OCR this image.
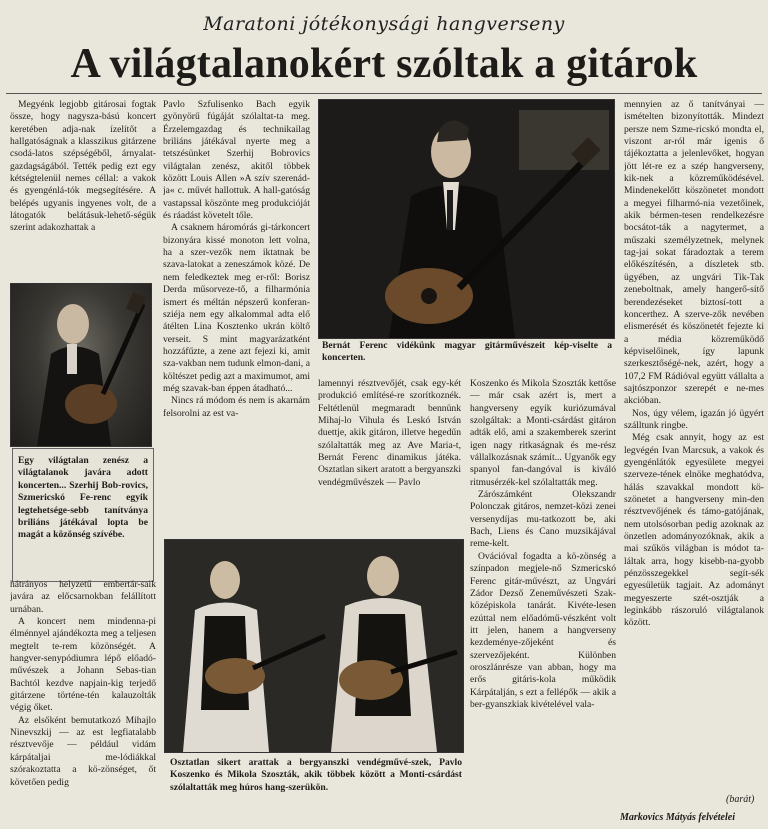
Maratoni jótékonysági hangverseny
A világtalanokért szóltak a gitárok

Megyénk legjobb gitárosai fogtak össze, hogy nagysza-bású koncert keretében adja-nak ízelítőt a hallgatóságnak a klasszikus gitárzene csodá-latos szépségéből, árnyalat-gazdagságából. Tették pedig ezt egy kétségtelenül nemes céllal: a vakok és gyengénlá-tók megsegítésére. A belépés ugyanis ingyenes volt, de a látogatók belátásuk-lehető-ségük szerint adakozhattak a

Egy világtalan zenész a világtalanok javára adott koncerten... Szerhij Bob-rovics, Szmericskó Fe-renc egyik legtehetsége-sebb tanítványa briliáns játékával lopta be magát a közönség szívébe.

hátrányos helyzetű embertár-saik javára az előcsarnokban felállított urnában.

A koncert nem mindenna-pi élménnyel ajándékozta meg a teljesen megtelt te-rem közönségét. A hangver-senypódiumra lépő előadó-művészek a Johann Sebas-tian Bachtól kezdve napjain-kig terjedő gitárzene történe-tén kalauzolták végig őket.

Az elsőként bemutatkozó Mihajlo Ninevszkij — az est legfiatalabb résztvevője — például vidám kárpátaljai me-lódiákkal szórakoztatta a kö-zönséget, őt követően pedig

Pavlo Szfulisenko Bach egyik gyönyörű fúgáját szólaltat-ta meg. Érzelemgazdag és technikailag briliáns játékával nyerte meg a tetszésünket Szerhij Bobrovics világtalan zenész, akitől többek között Louis Allen »A szív szerenád-ja« c. művét hallottuk. A hall-gatóság vastapssal köszönte meg produkcióját és ráadást követelt tőle.

A csaknem háromórás gi-tárkoncert bizonyára kissé monoton lett volna, ha a szer-vezők nem iktatnak be szava-latokat a zeneszámok közé. De nem feledkeztek meg er-ről: Borisz Derda műsorveze-tő, a filharmónia ismert és méltán népszerű konferan-sziéja nem egy alkalommal adta elő átélten Lina Kosztenko ukrán költő verseit. S mint magyarázatként hozzáfűzte, a zene azt fejezi ki, amit sza-vakban nem tudunk elmon-dani, a költészet pedig azt a maximumot, ami még szavak-ban éppen átadható...

Nincs rá módom és nem is akarnám felsorolni az est va-

Bernát Ferenc vidékünk magyar gitárművészeit kép-viselte a koncerten.

lamennyi résztvevőjét, csak egy-két produkció említésé-re szorítkoznék. Feltétlenül megmaradt bennünk Mihaj-lo Vihula és Leskó István duettje, akik gitáron, illetve hegedűn szólaltatták meg az Ave Maria-t, Bernát Ferenc dinamikus játéka. Osztatlan sikert aratott a bergyanszki vendégművészek — Pavlo

Koszenko és Mikola Szoszták kettőse — már csak azért is, mert a hangverseny egyik kuriózumával szolgáltak: a Monti-csárdást gitáron adták elő, ami a szakemberek szerint igen nagy ritkaságnak és me-rész vállalkozásnak számít... Ugyanők egy spanyol fan-dangóval is kiváló ritmusérzék-kel szólaltatták meg.

Zárószámként Olekszandr Polonczak gitáros, nemzet-közi zenei versenydíjas mu-tatkozott be, aki Bach, Liens és Cano muzsikájával reme-kelt.

Ovációval fogadta a kö-zönség a színpadon megjele-nő Szmericskó Ferenc gitár-művészt, az Ungvári Zádor Dezső Zeneművészeti Szak-középiskola tanárát. Kivéte-lesen ezúttal nem előadómű-vészként volt itt jelen, hanem a hangverseny kezdeménye-zőjeként és szervezőjeként. Különben oroszlánrésze van abban, hogy ma erős gitáris-kola működik Kárpátalján, s ezt a fellépők — akik a ber-gyanszkiak kivételével vala-

Osztatlan sikert arattak a bergyanszki vendégművé-szek, Pavlo Koszenko és Mikola Szoszták, akik többek között a Monti-csárdást szólaltatták meg húros hang-szerükön.

mennyien az ő tanítványai — ismételten bizonyították. Mindezt persze nem Szme-ricskó mondta el, viszont ar-ról már igenis ő tájékoztatta a jelenlevőket, hogyan jött lét-re ez a szép hangverseny, kik-nek a közreműködésével. Mindenekelőtt köszönetet mondott a megyei filharmó-nia vezetőinek, akik bérmen-tesen rendelkezésre bocsátot-ták a nagytermet, a műszaki személyzetnek, melynek tag-jai sokat fáradoztak a terem előkészítésén, a díszletek stb. ügyében, az ungvári Tik-Tak zeneboltnak, amely hangerő-sítő berendezéseket biztosí-tott a koncerthez. A szerve-zők nevében elismerését és köszönetét fejezte ki a média közreműködő képviselőinek, így lapunk szerkesztőségé-nek, azért, hogy a 107,2 FM Rádióval együtt vállalta a sajtószponzor szerepét e ne-mes akcióban.

Nos, úgy vélem, igazán jó ügyért szálltunk ringbe.

Még csak annyit, hogy az est legvégén Ivan Marcsuk, a vakok és gyengénlátók egyesülete megyei szerveze-tének elnöke meghatódva, hálás szavakkal mondott kö-szönetet a hangverseny min-den résztvevőjének és támo-gatójának, nem utolsósorban pedig azoknak az önzetlen adományozóknak, akik a mai szűkös világban is módot ta-láltak arra, hogy kisebb-na-gyobb pénzösszegekkel segít-sék egyesületük tagjait. Az adományt megyeszerte szét-osztják a leginkább rászoruló világtalanok között.

(barát)
Markovics Mátyás felvételei
